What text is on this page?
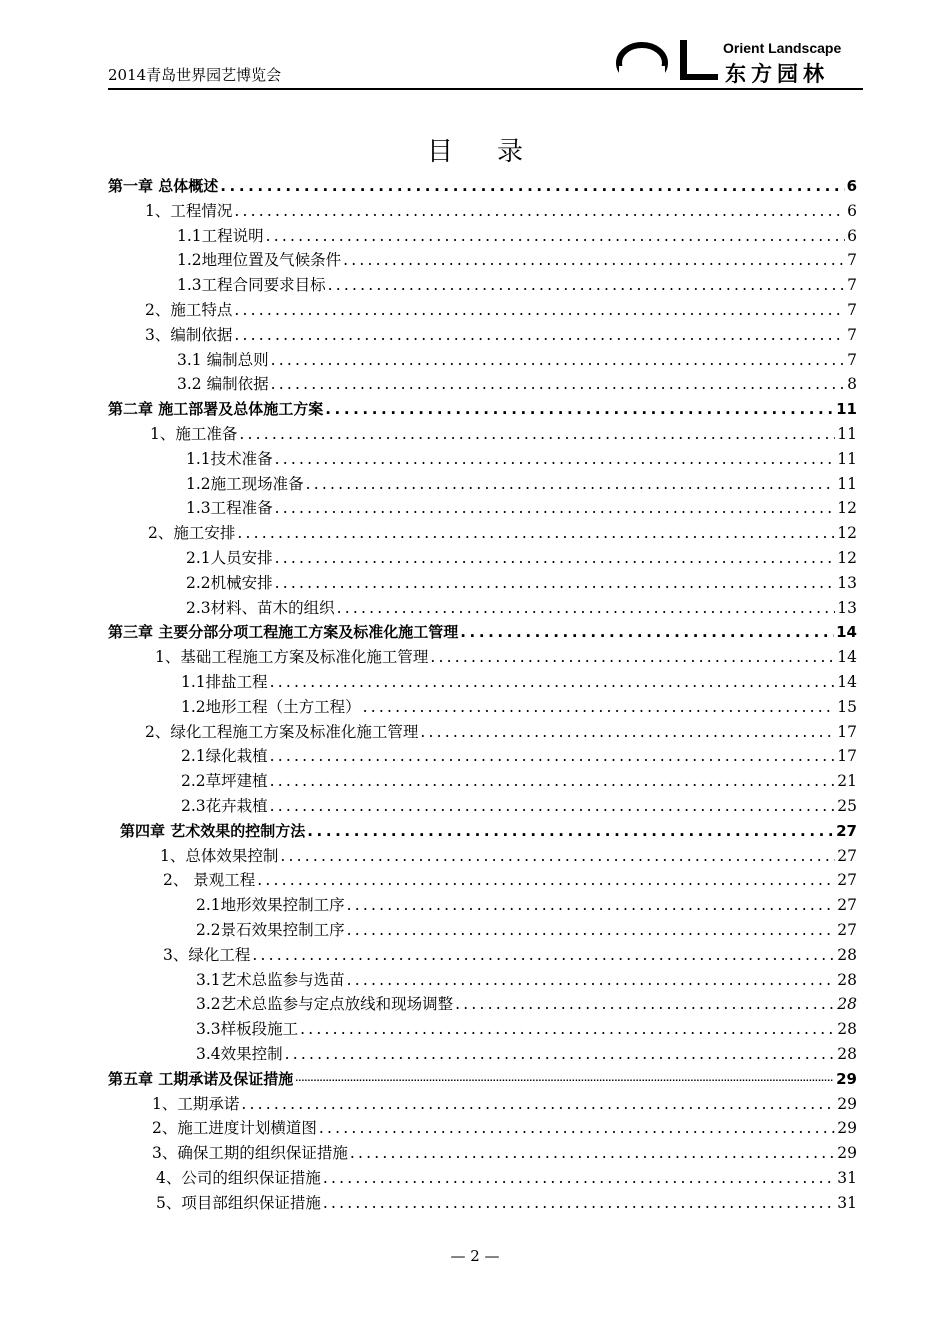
2014青岛世界园艺博览会
Orient Landscape
东方园林
目录
第一章 总体概述 .....	6
1、工程情况 .....	6
1.1工程说明 .....	6
1.2地理位置及气候条件 .....	7
1.3工程合同要求目标 .....	7
2、施工特点 .....	7
3、编制依据 .....	7
3.1 编制总则 .....	7
3.2 编制依据 .....	8
第二章 施工部署及总体施工方案 .....	11
1、施工准备 .....	11
1.1技术准备 .....	11
1.2施工现场准备 .....	11
1.3工程准备 .....	12
2、施工安排 .....	12
2.1人员安排 .....	12
2.2机械安排 .....	13
2.3材料、苗木的组织 .....	13
第三章 主要分部分项工程施工方案及标准化施工管理 .....	14
1、基础工程施工方案及标准化施工管理 .....	14
1.1排盐工程 .....	14
1.2地形工程（土方工程） .....	15
2、绿化工程施工方案及标准化施工管理 .....	17
2.1绿化栽植 .....	17
2.2草坪建植 .....	21
2.3花卉栽植 .....	25
第四章 艺术效果的控制方法 .....	27
1、总体效果控制 .....	27
2、 景观工程 .....	27
2.1地形效果控制工序 .....	27
2.2景石效果控制工序 .....	27
3、绿化工程 .....	28
3.1艺术总监参与选苗 .....	28
3.2艺术总监参与定点放线和现场调整 .....	28
3.3样板段施工 .....	28
3.4效果控制 .....	28
第五章 工期承诺及保证措施 .....	29
1、工期承诺 .....	29
2、施工进度计划横道图 .....	29
3、确保工期的组织保证措施 .....	29
4、公司的组织保证措施 .....	31
5、项目部组织保证措施 .....	31
— 2 —
